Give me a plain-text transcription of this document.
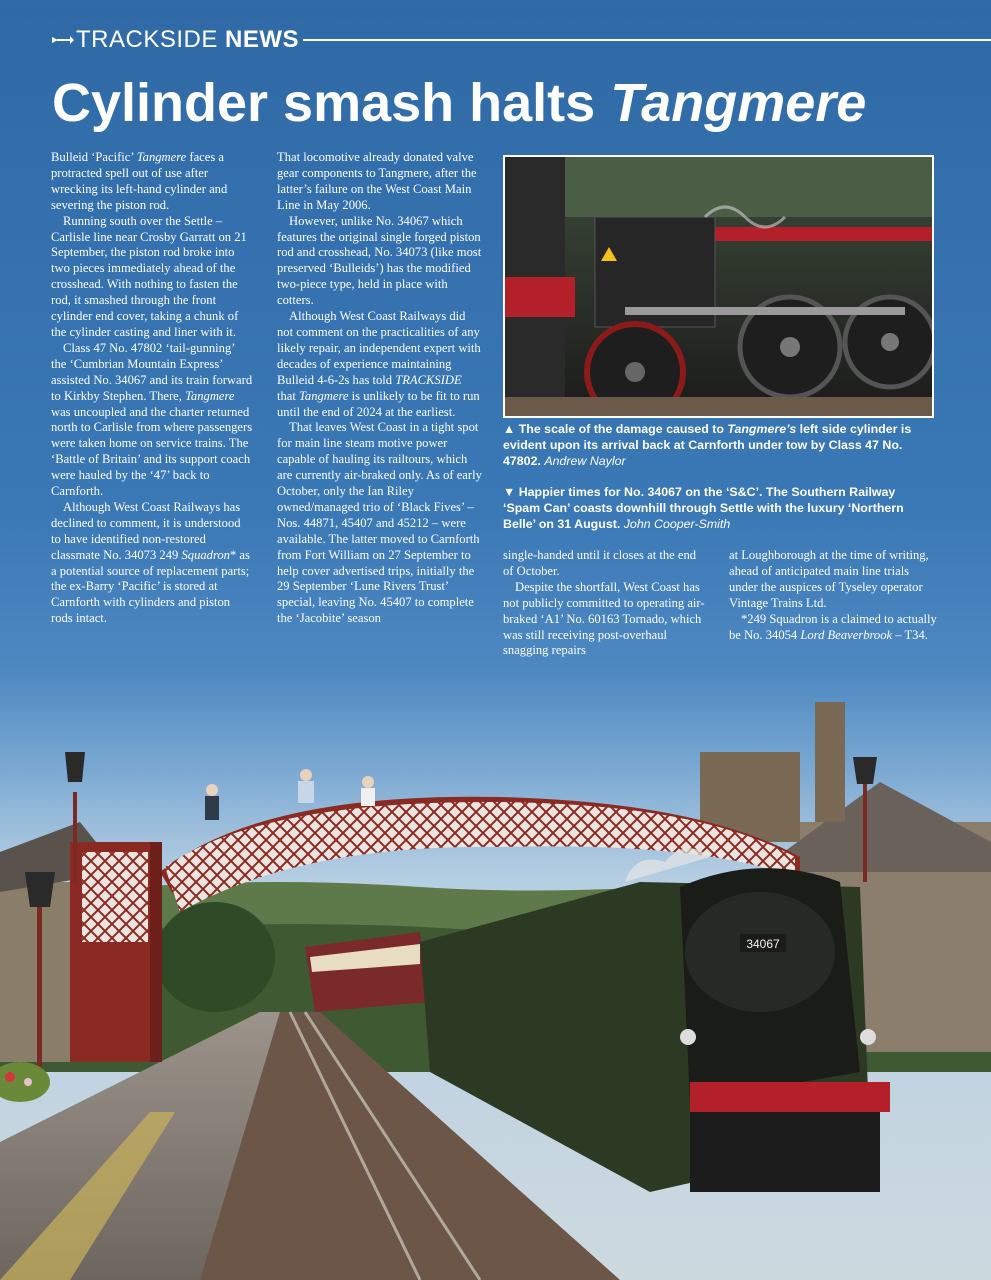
TRACKSIDE NEWS
Cylinder smash halts Tangmere

Bulleid ‘Pacific’ Tangmere faces a protracted spell out of use after wrecking its left-hand cylinder and severing the piston rod.

Running south over the Settle – Carlisle line near Crosby Garratt on 21 September, the piston rod broke into two pieces immediately ahead of the crosshead. With nothing to fasten the rod, it smashed through the front cylinder end cover, taking a chunk of the cylinder casting and liner with it.

Class 47 No. 47802 ‘tail-gunning’ the ‘Cumbrian Mountain Express’ assisted No. 34067 and its train forward to Kirkby Stephen. There, Tangmere was uncoupled and the charter returned north to Carlisle from where passengers were taken home on service trains. The ‘Battle of Britain’ and its support coach were hauled by the ‘47’ back to Carnforth.

Although West Coast Railways has declined to comment, it is understood to have identified non-restored classmate No. 34073 249 Squadron* as a potential source of replacement parts; the ex-Barry ‘Pacific’ is stored at Carnforth with cylinders and piston rods intact.

That locomotive already donated valve gear components to Tangmere, after the latter’s failure on the West Coast Main Line in May 2006.

However, unlike No. 34067 which features the original single forged piston rod and crosshead, No. 34073 (like most preserved ‘Bulleids’) has the modified two-piece type, held in place with cotters.

Although West Coast Railways did not comment on the practicalities of any likely repair, an independent expert with decades of experience maintaining Bulleid 4-6-2s has told TRACKSIDE that Tangmere is unlikely to be fit to run until the end of 2024 at the earliest.

That leaves West Coast in a tight spot for main line steam motive power capable of hauling its railtours, which are currently air-braked only. As of early October, only the Ian Riley owned/managed trio of ‘Black Fives’ – Nos. 44871, 45407 and 45212 – were available. The latter moved to Carnforth from Fort William on 27 September to help cover advertised trips, initially the 29 September ‘Lune Rivers Trust’ special, leaving No. 45407 to complete the ‘Jacobite’ season

▲ The scale of the damage caused to Tangmere’s left side cylinder is evident upon its arrival back at Carnforth under tow by Class 47 No. 47802. Andrew Naylor
▼ Happier times for No. 34067 on the ‘S&C’. The Southern Railway ‘Spam Can’ coasts downhill through Settle with the luxury ‘Northern Belle’ on 31 August. John Cooper-Smith

single-handed until it closes at the end of October.

Despite the shortfall, West Coast has not publicly committed to operating air-braked ‘A1’ No. 60163 Tornado, which was still receiving post-overhaul snagging repairs

at Loughborough at the time of writing, ahead of anticipated main line trials under the auspices of Tyseley operator Vintage Trains Ltd.

*249 Squadron is a claimed to actually be No. 34054 Lord Beaverbrook – T34.

34067
